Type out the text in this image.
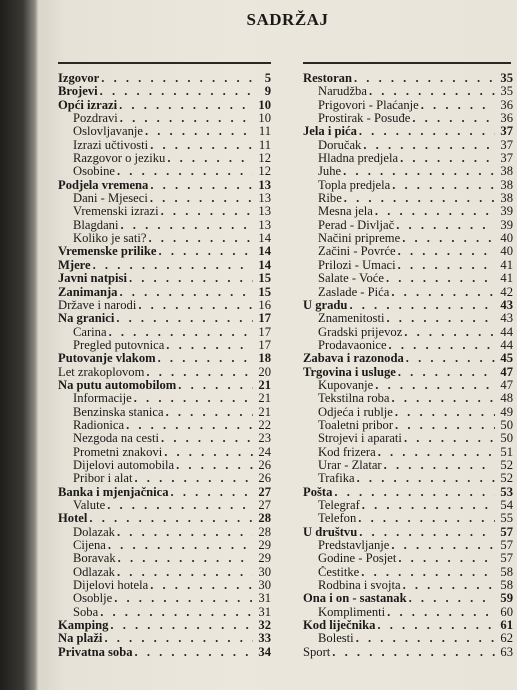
SADRŽAJ
Izgovor . . .	5
Brojevi . . .	9
Opći izrazi . . .	10
Pozdravi . . .	10
Oslovljavanje . . .	11
Izrazi učtivosti . . .	11
Razgovor o jeziku . . .	12
Osobine . . .	12
Podjela vremena . . .	13
Dani - Mjeseci . . .	13
Vremenski izrazi . . .	13
Blagdani . . .	13
Koliko je sati? . . .	14
Vremenske prilike . . .	14
Mjere . . .	14
Javni natpisi . . .	15
Zanimanja . . .	15
Države i narodi . . .	16
Na granici . . .	17
Carina . . .	17
Pregled putovnica . . .	17
Putovanje vlakom . . .	18
Let zrakoplovom . . .	20
Na putu automobilom . . .	21
Informacije . . .	21
Benzinska stanica . . .	21
Radionica . . .	22
Nezgoda na cesti . . .	23
Prometni znakovi . . .	24
Dijelovi automobila . . .	26
Pribor i alat . . .	26
Banka i mjenjačnica . . .	27
Valute . . .	27
Hotel . . .	28
Dolazak . . .	28
Cijena . . .	29
Boravak . . .	29
Odlazak . . .	30
Dijelovi hotela . . .	30
Osoblje . . .	31
Soba . . .	31
Kamping . . .	32
Na plaži . . .	33
Privatna soba . . .	34
Restoran . . .	35
Narudžba . . .	35
Prigovori - Plaćanje . . .	36
Prostirak - Posuđe . . .	36
Jela i pića . . .	37
Doručak . . .	37
Hladna predjela . . .	37
Juhe . . .	38
Topla predjela . . .	38
Ribe . . .	38
Mesna jela . . .	39
Perad - Divljač . . .	39
Načini pripreme . . .	40
Začini - Povrće . . .	40
Prilozi - Umaci . . .	41
Salate - Voće . . .	41
Zaslade - Pića . . .	42
U gradu . . .	43
Znamenitosti . . .	43
Gradski prijevoz . . .	44
Prodavaonice . . .	44
Zabava i razonoda . . .	45
Trgovina i usluge . . .	47
Kupovanje . . .	47
Tekstilna roba . . .	48
Odjeća i rublje . . .	49
Toaletni pribor . . .	50
Strojevi i aparati . . .	50
Kod frizera . . .	51
Urar - Zlatar . . .	52
Trafika . . .	52
Pošta . . .	53
Telegraf . . .	54
Telefon . . .	55
U društvu . . .	57
Predstavljanje . . .	57
Godine - Posjet . . .	57
Čestitke . . .	58
Rodbina i svojta . . .	58
Ona i on - sastanak . . .	59
Komplimenti . . .	60
Kod liječnika . . .	61
Bolesti . . .	62
Sport . . .	63
